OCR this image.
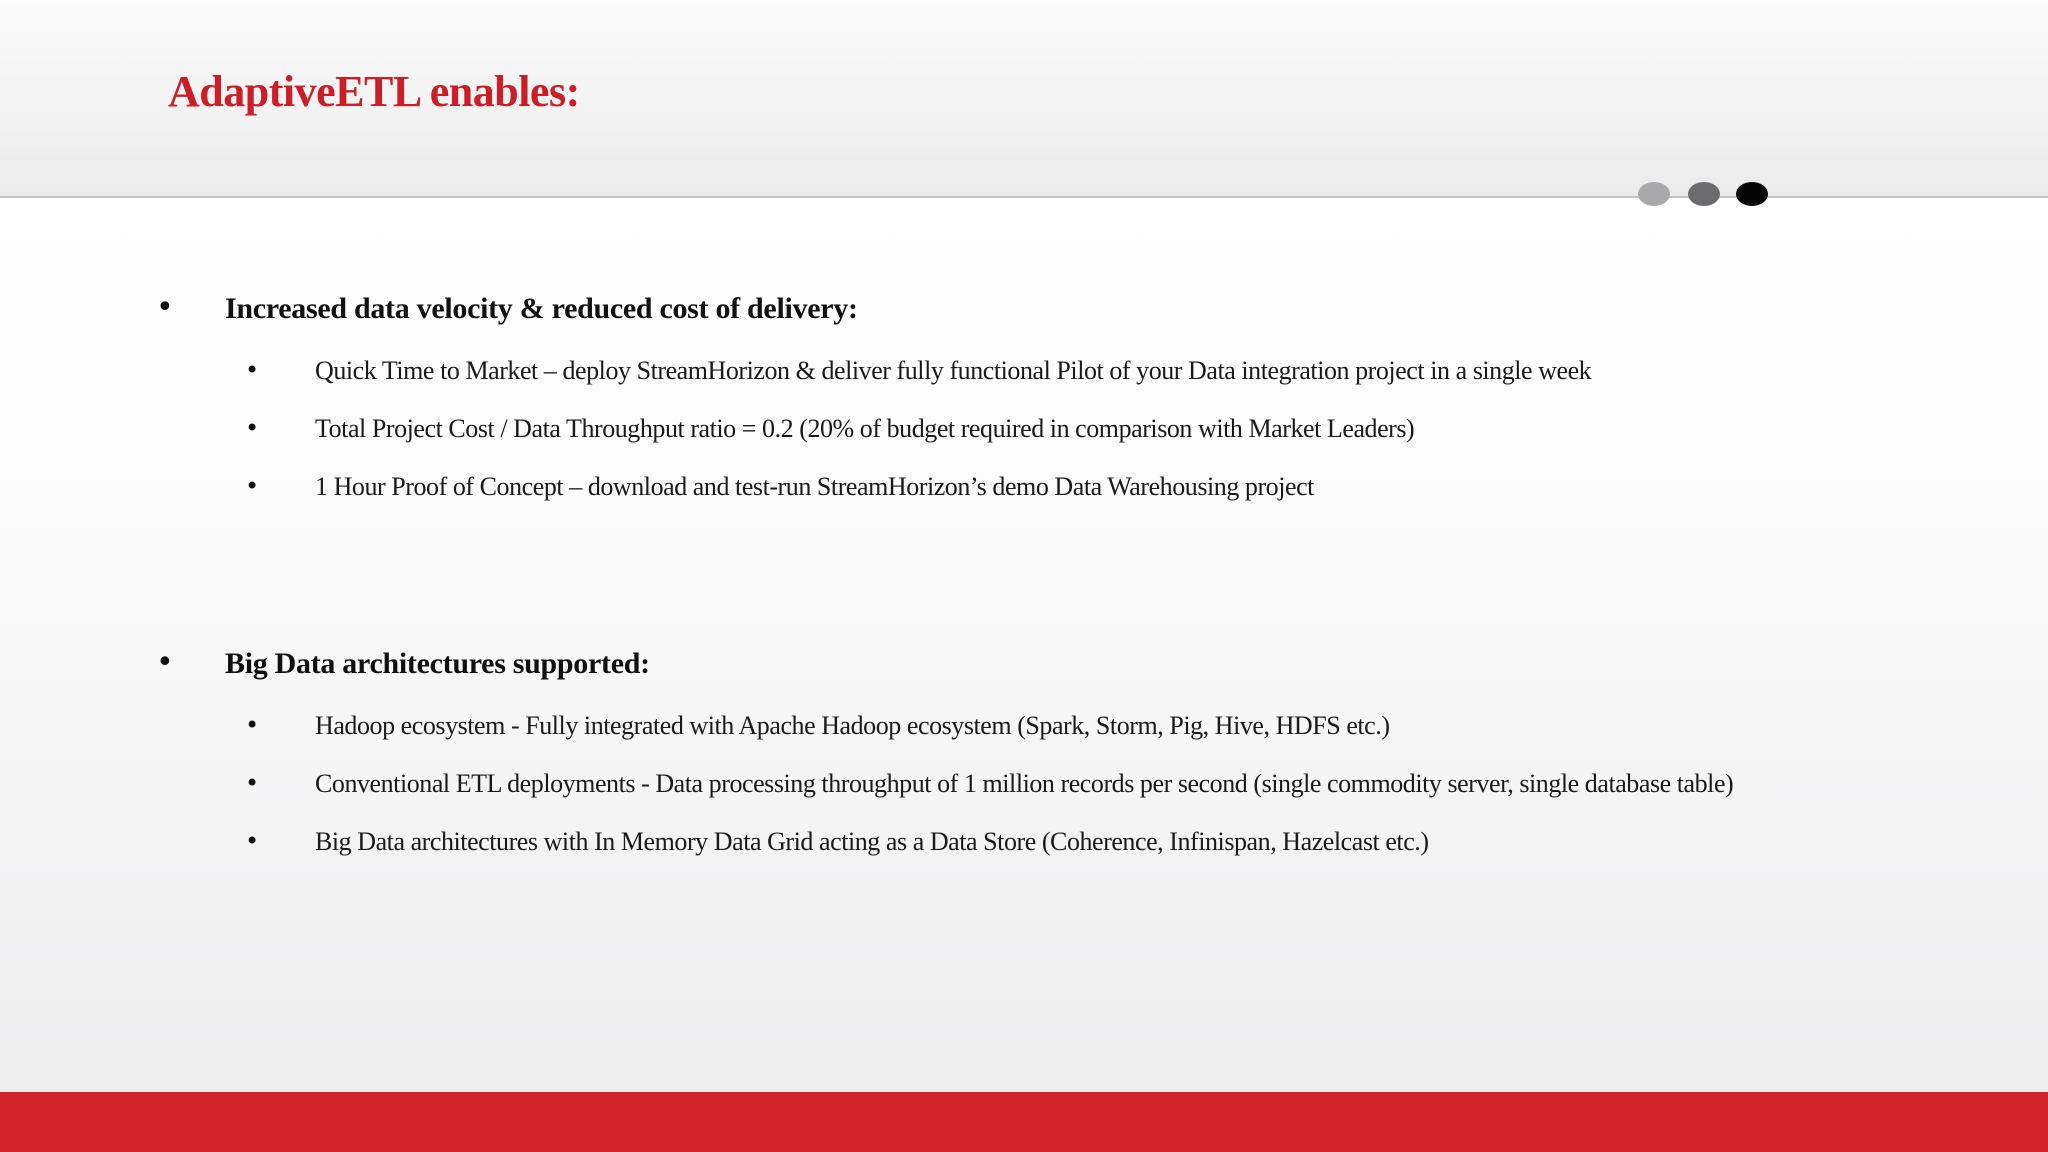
AdaptiveETL enables:
• Increased data velocity & reduced cost of delivery:
• Quick Time to Market – deploy StreamHorizon & deliver fully functional Pilot of your Data integration project in a single week
• Total Project Cost / Data Throughput ratio = 0.2 (20% of budget required in comparison with Market Leaders)
• 1 Hour Proof of Concept – download and test-run StreamHorizon’s demo Data Warehousing project
• Big Data architectures supported:
• Hadoop ecosystem - Fully integrated with Apache Hadoop ecosystem (Spark, Storm, Pig, Hive, HDFS etc.)
• Conventional ETL deployments - Data processing throughput of 1 million records per second (single commodity server, single database table)
• Big Data architectures with In Memory Data Grid acting as a Data Store (Coherence, Infinispan, Hazelcast etc.)
